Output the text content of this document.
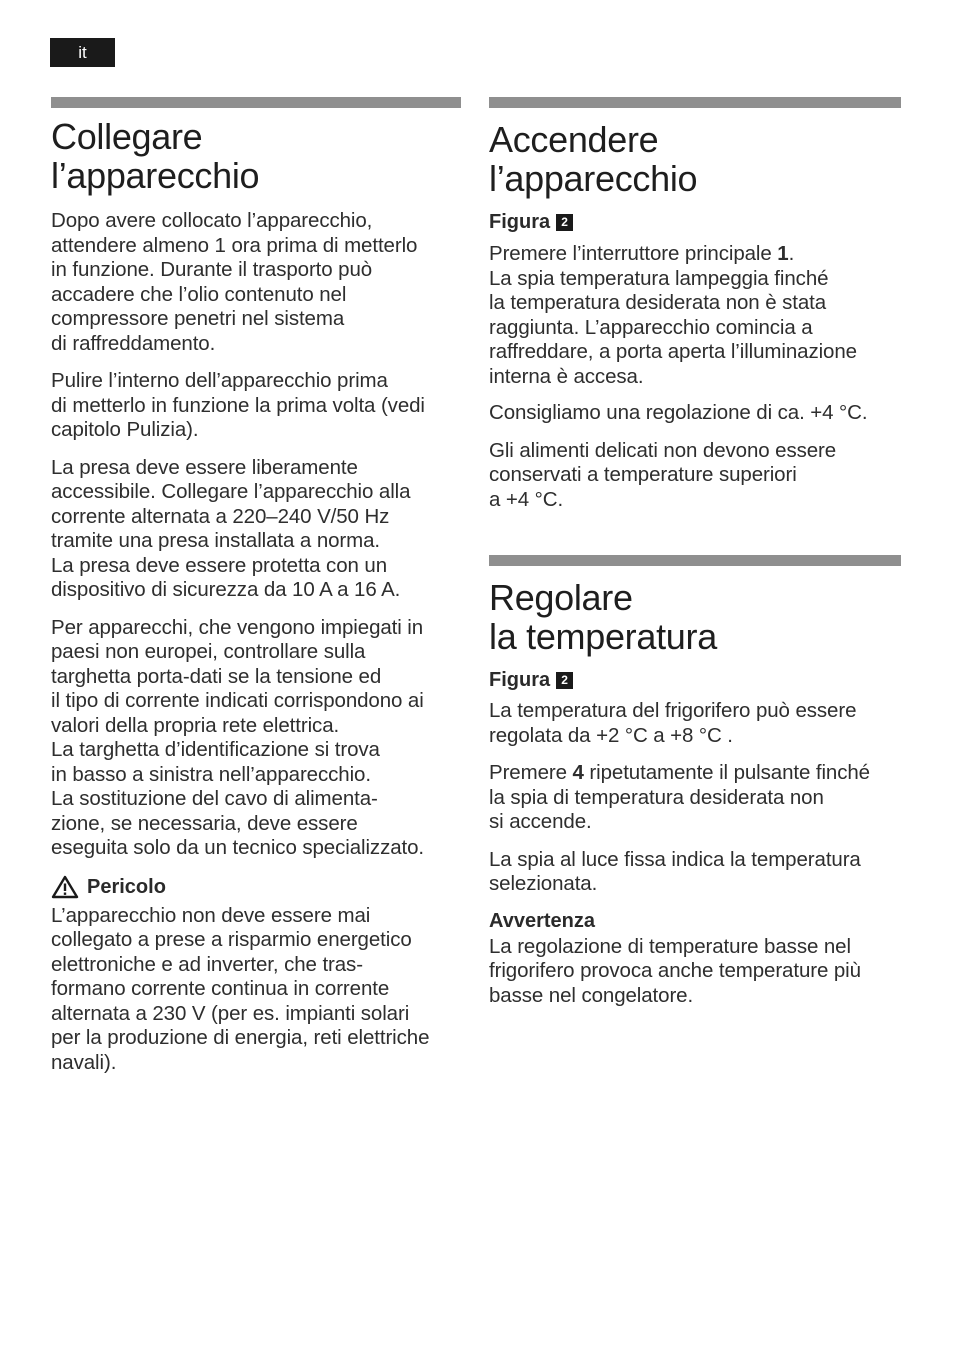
it
Collegare
l’apparecchio

Dopo avere collocato l’apparecchio,
attendere almeno 1 ora prima di metterlo
in funzione. Durante il trasporto può
accadere che l’olio contenuto nel
compressore penetri nel sistema
di raffreddamento.

Pulire l’interno dell’apparecchio prima
di metterlo in funzione la prima volta (vedi
capitolo Pulizia).

La presa deve essere liberamente
accessibile. Collegare l’apparecchio alla
corrente alternata a 220–240 V/50 Hz
tramite una presa installata a norma.
La presa deve essere protetta con un
dispositivo di sicurezza da 10 A a 16 A.

Per apparecchi, che vengono impiegati in
paesi non europei, controllare sulla
targhetta porta-dati se la tensione ed
il tipo di corrente indicati corrispondono ai
valori della propria rete elettrica.
La targhetta d’identificazione si trova
in basso a sinistra nell’apparecchio.
La sostituzione del cavo di alimenta-
zione, se necessaria, deve essere
eseguita solo da un tecnico specializzato.

Pericolo

L’apparecchio non deve essere mai
collegato a prese a risparmio energetico
elettroniche e ad inverter, che tras-
formano corrente continua in corrente
alternata a 230 V (per es. impianti solari
per la produzione di energia, reti elettriche
navali).

Accendere
l’apparecchio
Figura 2

Premere l’interruttore principale 1.
La spia temperatura lampeggia finché
la temperatura desiderata non è stata
raggiunta. L’apparecchio comincia a
raffreddare, a porta aperta l’illuminazione
interna è accesa.

Consigliamo una regolazione di ca. +4 °C.

Gli alimenti delicati non devono essere
conservati a temperature superiori
a +4 °C.

Regolare
la temperatura
Figura 2

La temperatura del frigorifero può essere
regolata da +2 °C a +8 °C .

Premere 4 ripetutamente il pulsante finché
la spia di temperatura desiderata non
si accende.

La spia al luce fissa indica la temperatura
selezionata.

Avvertenza

La regolazione di temperature basse nel
frigorifero provoca anche temperature più
basse nel congelatore.
